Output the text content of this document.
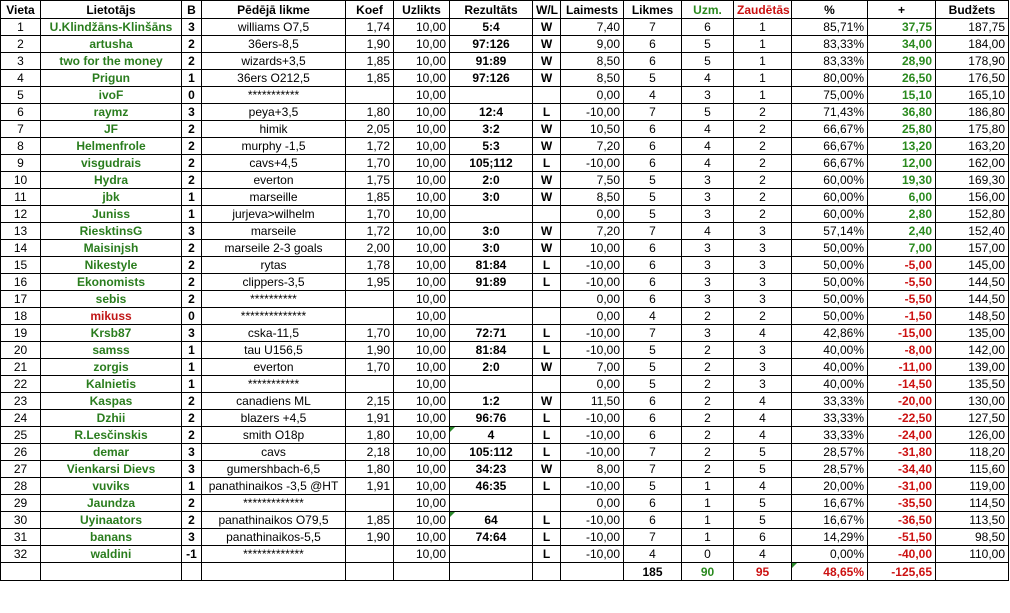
Vieta	Lietotājs	B	Pēdējā likme	Koef	Uzlikts	Rezultāts	W/L	Laimests	Likmes	Uzm.	Zaudētās	%	+	Budžets
1	U.Klindžāns-Klinšāns	3	williams O7,5	1,74	10,00	5:4	W	7,40	7	6	1	85,71%	37,75	187,75
2	artusha	2	36ers-8,5	1,90	10,00	97:126	W	9,00	6	5	1	83,33%	34,00	184,00
3	two for the money	2	wizards+3,5	1,85	10,00	91:89	W	8,50	6	5	1	83,33%	28,90	178,90
4	Prigun	1	36ers O212,5	1,85	10,00	97:126	W	8,50	5	4	1	80,00%	26,50	176,50
5	ivoF	0	***********		10,00			0,00	4	3	1	75,00%	15,10	165,10
6	raymz	3	peya+3,5	1,80	10,00	12:4	L	-10,00	7	5	2	71,43%	36,80	186,80
7	JF	2	himik	2,05	10,00	3:2	W	10,50	6	4	2	66,67%	25,80	175,80
8	Helmenfrole	2	murphy -1,5	1,72	10,00	5:3	W	7,20	6	4	2	66,67%	13,20	163,20
9	visgudrais	2	cavs+4,5	1,70	10,00	105;112	L	-10,00	6	4	2	66,67%	12,00	162,00
10	Hydra	2	everton	1,75	10,00	2:0	W	7,50	5	3	2	60,00%	19,30	169,30
11	jbk	1	marseille	1,85	10,00	3:0	W	8,50	5	3	2	60,00%	6,00	156,00
12	Juniss	1	jurjeva>wilhelm	1,70	10,00			0,00	5	3	2	60,00%	2,80	152,80
13	RiesktinsG	3	marseile	1,72	10,00	3:0	W	7,20	7	4	3	57,14%	2,40	152,40
14	Maisinjsh	2	marseile 2-3 goals	2,00	10,00	3:0	W	10,00	6	3	3	50,00%	7,00	157,00
15	Nikestyle	2	rytas	1,78	10,00	81:84	L	-10,00	6	3	3	50,00%	-5,00	145,00
16	Ekonomists	2	clippers-3,5	1,95	10,00	91:89	L	-10,00	6	3	3	50,00%	-5,50	144,50
17	sebis	2	**********		10,00			0,00	6	3	3	50,00%	-5,50	144,50
18	mikuss	0	**************		10,00			0,00	4	2	2	50,00%	-1,50	148,50
19	Krsb87	3	cska-11,5	1,70	10,00	72:71	L	-10,00	7	3	4	42,86%	-15,00	135,00
20	samss	1	tau U156,5	1,90	10,00	81:84	L	-10,00	5	2	3	40,00%	-8,00	142,00
21	zorgis	1	everton	1,70	10,00	2:0	W	7,00	5	2	3	40,00%	-11,00	139,00
22	Kalnietis	1	***********		10,00			0,00	5	2	3	40,00%	-14,50	135,50
23	Kaspas	2	canadiens ML	2,15	10,00	1:2	W	11,50	6	2	4	33,33%	-20,00	130,00
24	Dzhii	2	blazers +4,5	1,91	10,00	96:76	L	-10,00	6	2	4	33,33%	-22,50	127,50
25	R.Lesčinskis	2	smith O18p	1,80	10,00	4	L	-10,00	6	2	4	33,33%	-24,00	126,00
26	demar	3	cavs	2,18	10,00	105:112	L	-10,00	7	2	5	28,57%	-31,80	118,20
27	Vienkarsi Dievs	3	gumershbach-6,5	1,80	10,00	34:23	W	8,00	7	2	5	28,57%	-34,40	115,60
28	vuviks	1	panathinaikos -3,5 @HT	1,91	10,00	46:35	L	-10,00	5	1	4	20,00%	-31,00	119,00
29	Jaundza	2	*************		10,00			0,00	6	1	5	16,67%	-35,50	114,50
30	Uyinaators	2	panathinaikos O79,5	1,85	10,00	64	L	-10,00	6	1	5	16,67%	-36,50	113,50
31	banans	3	panathinaikos-5,5	1,90	10,00	74:64	L	-10,00	7	1	6	14,29%	-51,50	98,50
32	waldini	-1	*************		10,00		L	-10,00	4	0	4	0,00%	-40,00	110,00
									185	90	95	48,65%	-125,65	
